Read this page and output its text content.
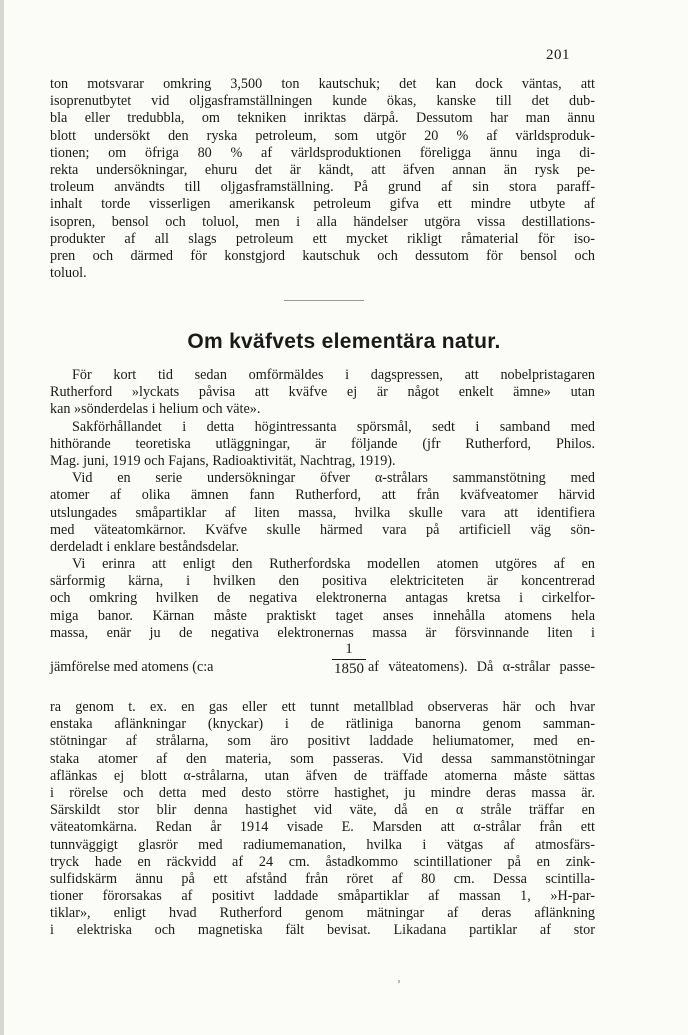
201
ton motsvarar omkring 3,500 ton kautschuk; det kan dock väntas, att
isoprenutbytet vid oljgasframställningen kunde ökas, kanske till det dub-
bla eller tredubbla, om tekniken inriktas därpå. Dessutom har man ännu
blott undersökt den ryska petroleum, som utgör 20 % af världsproduk-
tionen; om öfriga 80 % af världsproduktionen föreligga ännu inga di-
rekta undersökningar, ehuru det är kändt, att äfven annan än rysk pe-
troleum användts till oljgasframställning. På grund af sin stora paraff-
inhalt torde visserligen amerikansk petroleum gifva ett mindre utbyte af
isopren, bensol och toluol, men i alla händelser utgöra vissa destillations-
produkter af all slags petroleum ett mycket rikligt råmaterial för iso-
pren och därmed för konstgjord kautschuk och dessutom för bensol och
toluol.
Om kväfvets elementära natur.
För kort tid sedan omförmäldes i dagspressen, att nobelpristagaren
Rutherford »lyckats påvisa att kväfve ej är något enkelt ämne» utan
kan »sönderdelas i helium och väte».
Sakförhållandet i detta högintressanta spörsmål, sedt i samband med
hithörande teoretiska utläggningar, är följande (jfr Rutherford, Philos.
Mag. juni, 1919 och Fajans, Radioaktivität, Nachtrag, 1919).
Vid en serie undersökningar öfver α-strålars sammanstötning med
atomer af olika ämnen fann Rutherford, att från kväfveatomer härvid
utslungades småpartiklar af liten massa, hvilka skulle vara att identifiera
med väteatomkärnor. Kväfve skulle härmed vara på artificiell väg sön-
derdeladt i enklare beståndsdelar.
Vi erinra att enligt den Rutherfordska modellen atomen utgöres af en
särformig kärna, i hvilken den positiva elektriciteten är koncentrerad
och omkring hvilken de negativa elektronerna antagas kretsa i cirkelfor-
miga banor. Kärnan måste praktiskt taget anses innehålla atomens hela
massa, enär ju de negativa elektronernas massa är försvinnande liten i
jämförelse med atomens (c:a	$\frac{1}{1850}$ af väteatomens). Då α-strålar passe-
ra genom t. ex. en gas eller ett tunnt metallblad observeras här och hvar
enstaka aflänkningar (knyckar) i de rätliniga banorna genom samman-
stötningar af strålarna, som äro positivt laddade heliumatomer, med en-
staka atomer af den materia, som passeras. Vid dessa sammanstötningar
aflänkas ej blott α-strålarna, utan äfven de träffade atomerna måste sättas
i rörelse och detta med desto större hastighet, ju mindre deras massa är.
Särskildt stor blir denna hastighet vid väte, då en α stråle träffar en
väteatomkärna. Redan år 1914 visade E. Marsden att α-strålar från ett
tunnväggigt glasrör med radiumemanation, hvilka i vätgas af atmosfärs-
tryck hade en räckvidd af 24 cm. åstadkommo scintillationer på en zink-
sulfidskärm ännu på ett afstånd från röret af 80 cm. Dessa scintilla-
tioner förorsakas af positivt laddade småpartiklar af massan 1, »H-par-
tiklar», enligt hvad Rutherford genom mätningar af deras aflänkning
i elektriska och magnetiska fält bevisat. Likadana partiklar af stor
